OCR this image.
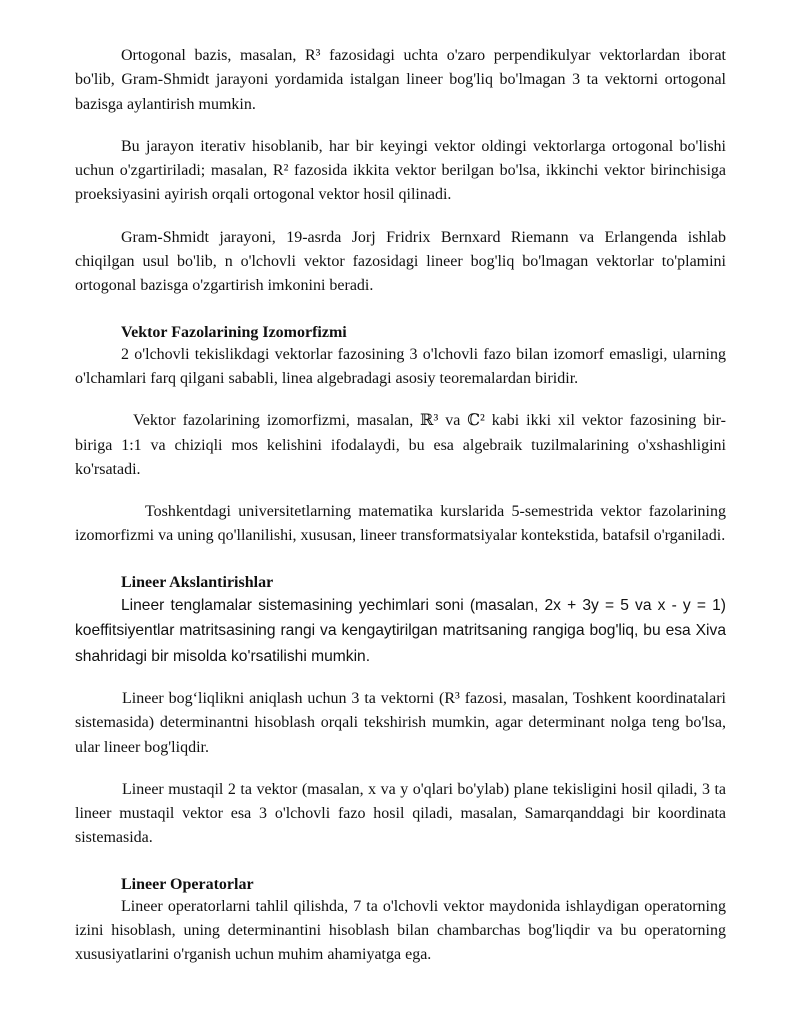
Ortogonal bazis, masalan, R³ fazosidagi uchta o'zaro perpendikulyar vektorlardan iborat bo'lib, Gram-Shmidt jarayoni yordamida istalgan lineer bog'liq bo'lmagan 3 ta vektorni ortogonal bazisga aylantirish mumkin.

Bu jarayon iterativ hisoblanib, har bir keyingi vektor oldingi vektorlarga ortogonal bo'lishi uchun o'zgartiriladi; masalan, R² fazosida ikkita vektor berilgan bo'lsa, ikkinchi vektor birinchisiga proeksiyasini ayirish orqali ortogonal vektor hosil qilinadi.

Gram-Shmidt jarayoni, 19-asrda Jorj Fridrix Bernxard Riemann va Erlangenda ishlab chiqilgan usul bo'lib, n o'lchovli vektor fazosidagi lineer bog'liq bo'lmagan vektorlar to'plamini ortogonal bazisga o'zgartirish imkonini beradi.

Vektor Fazolarining Izomorfizmi

2 o'lchovli tekislikdagi vektorlar fazosining 3 o'lchovli fazo bilan izomorf emasligi, ularning o'lchamlari farq qilgani sababli, linea algebradagi asosiy teoremalardan biridir.

Vektor fazolarining izomorfizmi, masalan, ℝ³ va ℂ² kabi ikki xil vektor fazosining bir-biriga 1:1 va chiziqli mos kelishini ifodalaydi, bu esa algebraik tuzilmalarining o'xshashligini ko'rsatadi.

Toshkentdagi universitetlarning matematika kurslarida 5-semestrida vektor fazolarining izomorfizmi va uning qo'llanilishi, xususan, lineer transformatsiyalar kontekstida, batafsil o'rganiladi.

Lineer Akslantirishlar

Lineer tenglamalar sistemasining yechimlari soni (masalan, 2x + 3y = 5 va x - y = 1) koeffitsiyentlar matritsasining rangi va kengaytirilgan matritsaning rangiga bog'liq, bu esa Xiva shahridagi bir misolda ko'rsatilishi mumkin.

Lineer bogʻliqlikni aniqlash uchun 3 ta vektorni (R³ fazosi, masalan, Toshkent koordinatalari sistemasida) determinantni hisoblash orqali tekshirish mumkin, agar determinant nolga teng bo'lsa, ular lineer bog'liqdir.

Lineer mustaqil 2 ta vektor (masalan, x va y o'qlari bo'ylab) plane tekisligini hosil qiladi, 3 ta lineer mustaqil vektor esa 3 o'lchovli fazo hosil qiladi, masalan, Samarqanddagi bir koordinata sistemasida.

Lineer Operatorlar

Lineer operatorlarni tahlil qilishda, 7 ta o'lchovli vektor maydonida ishlaydigan operatorning izini hisoblash, uning determinantini hisoblash bilan chambarchas bog'liqdir va bu operatorning xususiyatlarini o'rganish uchun muhim ahamiyatga ega.
